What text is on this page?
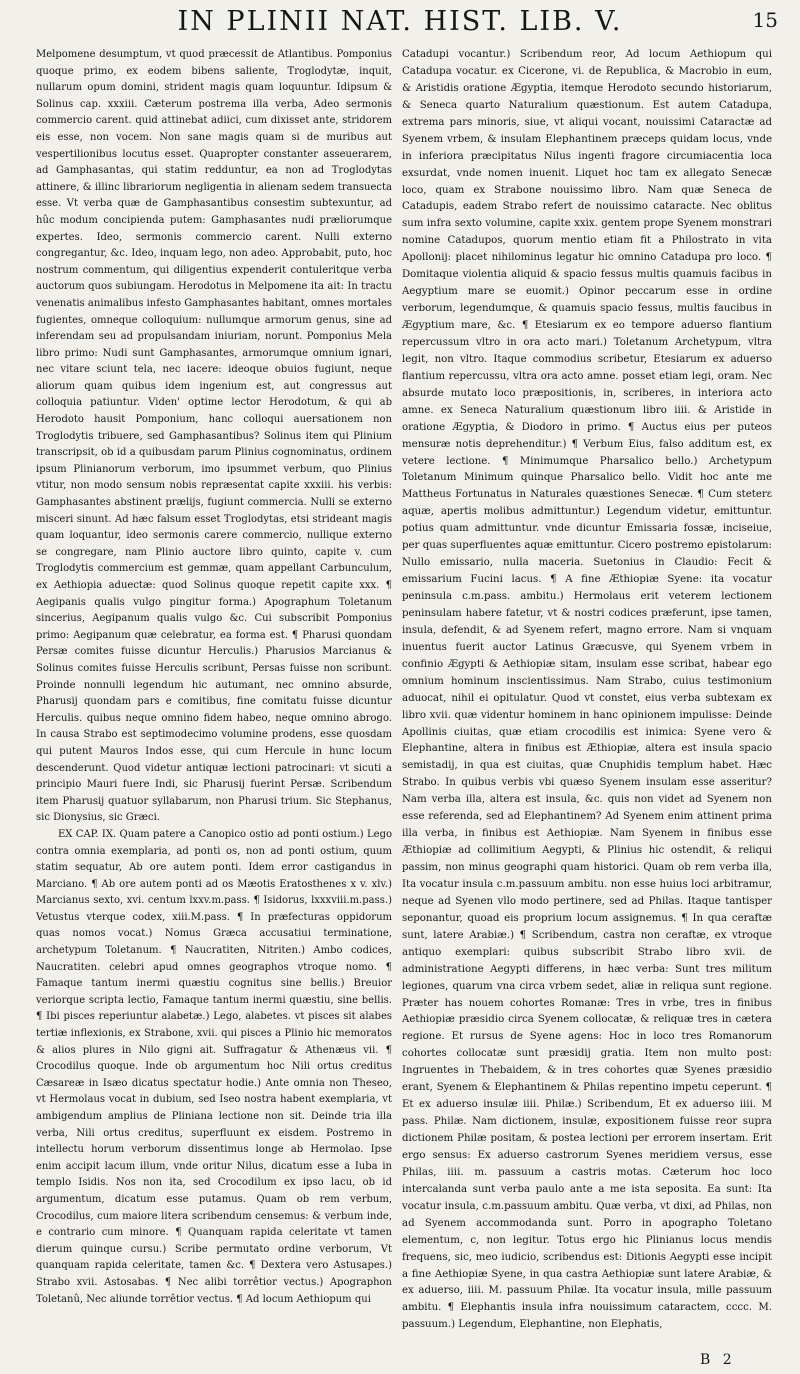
IN PLINII NAT. HIST. LIB. V.	15

Melpomene desumptum, vt quod præcessit de Atlantibus. Pomponius quoque primo, ex eodem bibens saliente, Troglodytæ, inquit, nullarum opum domini, strident magis quam loquuntur. Idipsum & Solinus cap. xxxiii. Cæterum postrema illa verba, Adeo sermonis commercio carent. quid attinebat adiici, cum dixisset ante, stridorem eis esse, non vocem. Non sane magis quam si de muribus aut vespertilionibus locutus esset. Quapropter constanter asseuerarem, ad Gamphasantas, qui statim redduntur, ea non ad Troglodytas attinere, & illinc librariorum negligentia in alienam sedem transuecta esse. Vt verba quæ de Gamphasantibus consestim subtexuntur, ad hûc modum concipienda putem: Gamphasantes nudi præliorumque expertes. Ideo, sermonis commercio carent. Nulli externo congregantur, &c. Ideo, inquam lego, non adeo. Approbabit, puto, hoc nostrum commentum, qui diligentius expenderit contuleritque verba auctorum quos subiungam. Herodotus in Melpomene ita ait: In tractu venenatis animalibus infesto Gamphasantes habitant, omnes mortales fugientes, omneque colloquium: nullumque armorum genus, sine ad inferendam seu ad propulsandam iniuriam, norunt. Pomponius Mela libro primo: Nudi sunt Gamphasantes, armorumque omnium ignari, nec vitare sciunt tela, nec iacere: ideoque obuios fugiunt, neque aliorum quam quibus idem ingenium est, aut congressus aut colloquia patiuntur. Viden' optime lector Herodotum, & qui ab Herodoto hausit Pomponium, hanc colloqui auersationem non Troglodytis tribuere, sed Gamphasantibus? Solinus item qui Plinium transcripsit, ob id a quibusdam parum Plinius cognominatus, ordinem ipsum Plinianorum verborum, imo ipsummet verbum, quo Plinius vtitur, non modo sensum nobis repræsentat capite xxxiii. his verbis: Gamphasantes abstinent prælijs, fugiunt commercia. Nulli se externo misceri sinunt. Ad hæc falsum esset Troglodytas, etsi strideant magis quam loquantur, ideo sermonis carere commercio, nullique externo se congregare, nam Plinio auctore libro quinto, capite v. cum Troglodytis commercium est gemmæ, quam appellant Carbunculum, ex Aethiopia aduectæ: quod Solinus quoque repetit capite xxx. ¶ Aegipanis qualis vulgo pingitur forma.) Apographum Toletanum sincerius, Aegipanum qualis vulgo &c. Cui subscribit Pomponius primo: Aegipanum quæ celebratur, ea forma est. ¶ Pharusi quondam Persæ comites fuisse dicuntur Herculis.) Pharusios Marcianus & Solinus comites fuisse Herculis scribunt, Persas fuisse non scribunt. Proinde nonnulli legendum hic autumant, nec omnino absurde, Pharusij quondam pars e comitibus, fine comitatu fuisse dicuntur Herculis. quibus neque omnino fidem habeo, neque omnino abrogo. In causa Strabo est septimodecimo volumine prodens, esse quosdam qui putent Mauros Indos esse, qui cum Hercule in hunc locum descenderunt. Quod videtur antiquæ lectioni patrocinari: vt sicuti a principio Mauri fuere Indi, sic Pharusij fuerint Persæ. Scribendum item Pharusij quatuor syllabarum, non Pharusi trium. Sic Stephanus, sic Dionysius, sic Græci.

EX CAP. IX. Quam patere a Canopico ostio ad ponti ostium.) Lego contra omnia exemplaria, ad ponti os, non ad ponti ostium, quum statim sequatur, Ab ore autem ponti. Idem error castigandus in Marciano. ¶ Ab ore autem ponti ad os Mæotis Eratosthenes x v. xlv.) Marcianus sexto, xvi. centum lxxv.m.pass. ¶ Isidorus, lxxxviii.m.pass.) Vetustus vterque codex, xiii.M.pass. ¶ In præfecturas oppidorum quas nomos vocat.) Nomus Græca accusatiui terminatione, archetypum Toletanum. ¶ Naucratiten, Nitriten.) Ambo codices, Naucratiten. celebri apud omnes geographos vtroque nomo. ¶ Famaque tantum inermi quæstiu cognitus sine bellis.) Breuior veriorque scripta lectio, Famaque tantum inermi quæstiu, sine bellis. ¶ Ibi pisces reperiuntur alabetæ.) Lego, alabetes. vt pisces sit alabes tertiæ inflexionis, ex Strabone, xvii. qui pisces a Plinio hic memoratos & alios plures in Nilo gigni ait. Suffragatur & Athenæus vii. ¶ Crocodilus quoque. Inde ob argumentum hoc Nili ortus creditus Cæsareæ in Isæo dicatus spectatur hodie.) Ante omnia non Theseo, vt Hermolaus vocat in dubium, sed Iseo nostra habent exemplaria, vt ambigendum amplius de Pliniana lectione non sit. Deinde tria illa verba, Nili ortus creditus, superfluunt ex eisdem. Postremo in intellectu horum verborum dissentimus longe ab Hermolao. Ipse enim accipit lacum illum, vnde oritur Nilus, dicatum esse a Iuba in templo Isidis. Nos non ita, sed Crocodilum ex ipso lacu, ob id argumentum, dicatum esse putamus. Quam ob rem verbum, Crocodilus, cum maiore litera scribendum censemus: & verbum inde, e contrario cum minore. ¶ Quanquam rapida celeritate vt tamen dierum quinque cursu.) Scribe permutato ordine verborum, Vt quanquam rapida celeritate, tamen &c. ¶ Dextera vero Astusapes.) Strabo xvii. Astosabas. ¶ Nec alibi torrêtior vectus.) Apographon Toletanû, Nec aliunde torrêtior vectus. ¶ Ad locum Aethiopum qui

Catadupi vocantur.) Scribendum reor, Ad locum Aethiopum qui Catadupa vocatur. ex Cicerone, vi. de Republica, & Macrobio in eum, & Aristidis oratione Ægyptia, itemque Herodoto secundo historiarum, & Seneca quarto Naturalium quæstionum. Est autem Catadupa, extrema pars minoris, siue, vt aliqui vocant, nouissimi Cataractæ ad Syenem vrbem, & insulam Elephantinem præceps quidam locus, vnde in inferiora præcipitatus Nilus ingenti fragore circumiacentia loca exsurdat, vnde nomen inuenit. Liquet hoc tam ex allegato Senecæ loco, quam ex Strabone nouissimo libro. Nam quæ Seneca de Catadupis, eadem Strabo refert de nouissimo cataracte. Nec oblitus sum infra sexto volumine, capite xxix. gentem prope Syenem monstrari nomine Catadupos, quorum mentio etiam fit a Philostrato in vita Apollonij: placet nihilominus legatur hic omnino Catadupa pro loco. ¶ Domitaque violentia aliquid & spacio fessus multis quamuis facibus in Aegyptium mare se euomit.) Opinor peccarum esse in ordine verborum, legendumque, & quamuis spacio fessus, multis faucibus in Ægyptium mare, &c. ¶ Etesiarum ex eo tempore aduerso flantium repercussum vltro in ora acto mari.) Toletanum Archetypum, vltra legit, non vltro. Itaque commodius scribetur, Etesiarum ex aduerso flantium repercussu, vltra ora acto amne. posset etiam legi, oram. Nec absurde mutato loco præpositionis, in, scriberes, in interiora acto amne. ex Seneca Naturalium quæstionum libro iiii. & Aristide in oratione Ægyptia, & Diodoro in primo. ¶ Auctus eius per puteos mensuræ notis deprehenditur.) ¶ Verbum Eius, falso additum est, ex vetere lectione. ¶ Minimumque Pharsalico bello.) Archetypum Toletanum Minimum quinque Pharsalico bello. Vidit hoc ante me Mattheus Fortunatus in Naturales quæstiones Senecæ. ¶ Cum steterε aquæ, apertis molibus admittuntur.) Legendum videtur, emittuntur. potius quam admittuntur. vnde dicuntur Emissaria fossæ, inciseiue, per quas superfluentes aquæ emittuntur. Cicero postremo epistolarum: Nullo emissario, nulla maceria. Suetonius in Claudio: Fecit & emissarium Fucini lacus. ¶ A fine Æthiopiæ Syene: ita vocatur peninsula c.m.pass. ambitu.) Hermolaus erit veterem lectionem peninsulam habere fatetur, vt & nostri codices præferunt, ipse tamen, insula, defendit, & ad Syenem refert, magno errore. Nam si vnquam inuentus fuerit auctor Latinus Græcusve, qui Syenem vrbem in confinio Ægypti & Aethiopiæ sitam, insulam esse scribat, habear ego omnium hominum inscientissimus. Nam Strabo, cuius testimonium aduocat, nihil ei opitulatur. Quod vt constet, eius verba subtexam ex libro xvii. quæ videntur hominem in hanc opinionem impulisse: Deinde Apollinis ciuitas, quæ etiam crocodilis est inimica: Syene vero & Elephantine, altera in finibus est Æthiopiæ, altera est insula spacio semistadij, in qua est ciuitas, quæ Cnuphidis templum habet. Hæc Strabo. In quibus verbis vbi quæso Syenem insulam esse asseritur? Nam verba illa, altera est insula, &c. quis non videt ad Syenem non esse referenda, sed ad Elephantinem? Ad Syenem enim attinent prima illa verba, in finibus est Aethiopiæ. Nam Syenem in finibus esse Æthiopiæ ad collimitium Aegypti, & Plinius hic ostendit, & reliqui passim, non minus geographi quam historici. Quam ob rem verba illa, Ita vocatur insula c.m.passuum ambitu. non esse huius loci arbitramur, neque ad Syenen vllo modo pertinere, sed ad Philas. Itaque tantisper seponantur, quoad eis proprium locum assignemus. ¶ In qua ceraftæ sunt, latere Arabiæ.) ¶ Scribendum, castra non ceraftæ, ex vtroque antiquo exemplari: quibus subscribit Strabo libro xvii. de administratione Aegypti differens, in hæc verba: Sunt tres militum legiones, quarum vna circa vrbem sedet, aliæ in reliqua sunt regione. Præter has nouem cohortes Romanæ: Tres in vrbe, tres in finibus Aethiopiæ præsidio circa Syenem collocatæ, & reliquæ tres in cætera regione. Et rursus de Syene agens: Hoc in loco tres Romanorum cohortes collocatæ sunt præsidij gratia. Item non multo post: Ingruentes in Thebaidem, & in tres cohortes quæ Syenes præsidio erant, Syenem & Elephantinem & Philas repentino impetu ceperunt. ¶ Et ex aduerso insulæ iiii. Philæ.) Scribendum, Et ex aduerso iiii. M pass. Philæ. Nam dictionem, insulæ, expositionem fuisse reor supra dictionem Philæ positam, & postea lectioni per errorem insertam. Erit ergo sensus: Ex aduerso castrorum Syenes meridiem versus, esse Philas, iiii. m. passuum a castris motas. Cæterum hoc loco intercalanda sunt verba paulo ante a me ista seposita. Ea sunt: Ita vocatur insula, c.m.passuum ambitu. Quæ verba, vt dixi, ad Philas, non ad Syenem accommodanda sunt. Porro in apographo Toletano elementum, c, non legitur. Totus ergo hic Plinianus locus mendis frequens, sic, meo iudicio, scribendus est: Ditionis Aegypti esse incipit a fine Aethiopiæ Syene, in qua castra Aethiopiæ sunt latere Arabiæ, & ex aduerso, iiii. M. passuum Philæ. Ita vocatur insula, mille passuum ambitu. ¶ Elephantis insula infra nouissimum cataractem, cccc. M. passuum.) Legendum, Elephantine, non Elephatis,

B 2
